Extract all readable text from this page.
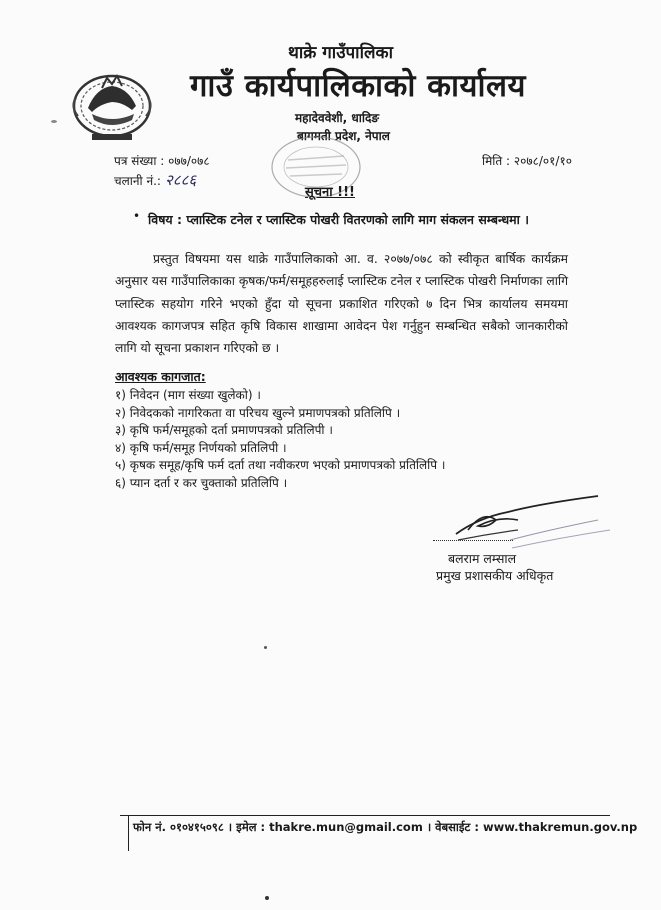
थाक्रे गाउँपालिका
गाउँ कार्यपालिकाको कार्यालय
महादेववेशी, धादिङ
बागमती प्रदेश, नेपाल
पत्र संख्या : ०७७/०७८
चलानी नं.: २८८६
मिति : २०७८/०१/१०
सूचना !!!
• विषय : प्लास्टिक टनेल र प्लास्टिक पोखरी वितरणको लागि माग संकलन सम्बन्धमा ।

प्रस्तुत विषयमा यस थाक्रे गाउँपालिकाको आ. व. २०७७/०७८ को स्वीकृत बार्षिक कार्यक्रम अनुसार यस गाउँपालिकाका कृषक/फर्म/समूहहरुलाई प्लास्टिक टनेल र प्लास्टिक पोखरी निर्माणका लागि प्लास्टिक सहयोग गरिने भएको हुँदा यो सूचना प्रकाशित गरिएको ७ दिन भित्र कार्यालय समयमा आवश्यक कागजपत्र सहित कृषि विकास शाखामा आवेदन पेश गर्नुहुन सम्बन्धित सबैको जानकारीको लागि यो सूचना प्रकाशन गरिएको छ ।

आवश्यक कागजात:
१) निवेदन (माग संख्या खुलेको) ।
२) निवेदकको नागरिकता वा परिचय खुल्ने प्रमाणपत्रको प्रतिलिपि ।
३) कृषि फर्म/समूहको दर्ता प्रमाणपत्रको प्रतिलिपी ।
४) कृषि फर्म/समूह निर्णयको प्रतिलिपी ।
५) कृषक समूह/कृषि फर्म दर्ता तथा नवीकरण भएको प्रमाणपत्रको प्रतिलिपि ।
६) प्यान दर्ता र कर चुक्ताको प्रतिलिपि ।
बलराम लम्साल
प्रमुख प्रशासकीय अधिकृत
फोन नं. ०१०४१५०९८ । इमेल : thakre.mun@gmail.com । वेबसाईट : www.thakremun.gov.np
